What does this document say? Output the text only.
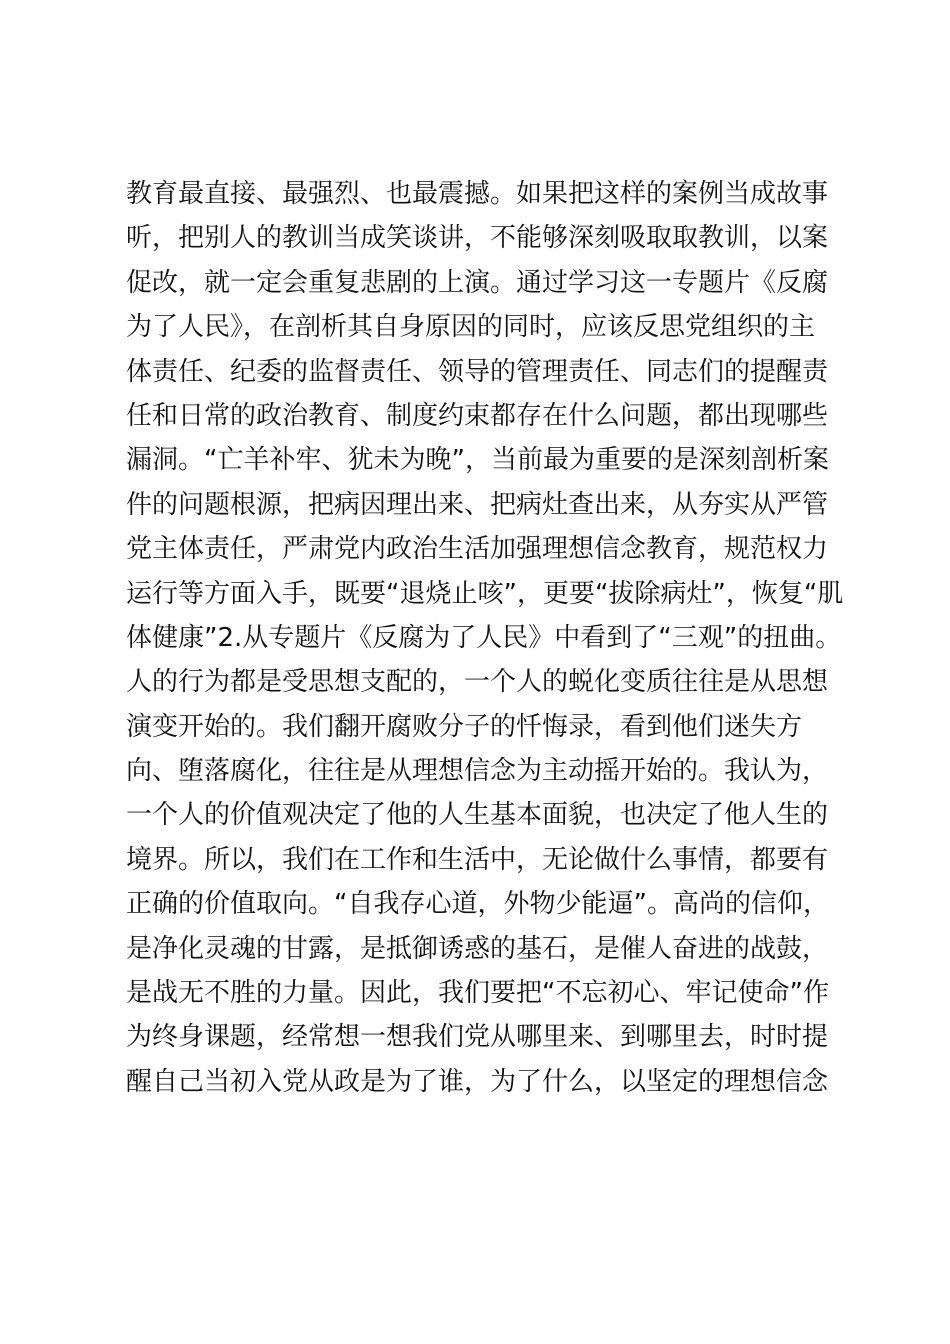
教育最直接、最强烈、也最震撼。如果把这样的案例当成故事
听，把别人的教训当成笑谈讲，不能够深刻吸取取教训，以案
促改，就一定会重复悲剧的上演。通过学习这一专题片《反腐
为了人民》，在剖析其自身原因的同时，应该反思党组织的主
体责任、纪委的监督责任、领导的管理责任、同志们的提醒责
任和日常的政治教育、制度约束都存在什么问题，都出现哪些
漏洞。“亡羊补牢、犹未为晚”，当前最为重要的是深刻剖析案
件的问题根源，把病因理出来、把病灶查出来，从夯实从严管
党主体责任，严肃党内政治生活加强理想信念教育，规范权力
运行等方面入手，既要“退烧止咳”，更要“拔除病灶”，恢复“肌
体健康”2.从专题片《反腐为了人民》中看到了“三观”的扭曲。
人的行为都是受思想支配的，一个人的蜕化变质往往是从思想
演变开始的。我们翻开腐败分子的忏悔录，看到他们迷失方
向、堕落腐化，往往是从理想信念为主动摇开始的。我认为，
一个人的价值观决定了他的人生基本面貌，也决定了他人生的
境界。所以，我们在工作和生活中，无论做什么事情，都要有
正确的价值取向。“自我存心道，外物少能逼”。高尚的信仰，
是净化灵魂的甘露，是抵御诱惑的基石，是催人奋进的战鼓，
是战无不胜的力量。因此，我们要把“不忘初心、牢记使命”作
为终身课题，经常想一想我们党从哪里来、到哪里去，时时提
醒自己当初入党从政是为了谁，为了什么，以坚定的理想信念
